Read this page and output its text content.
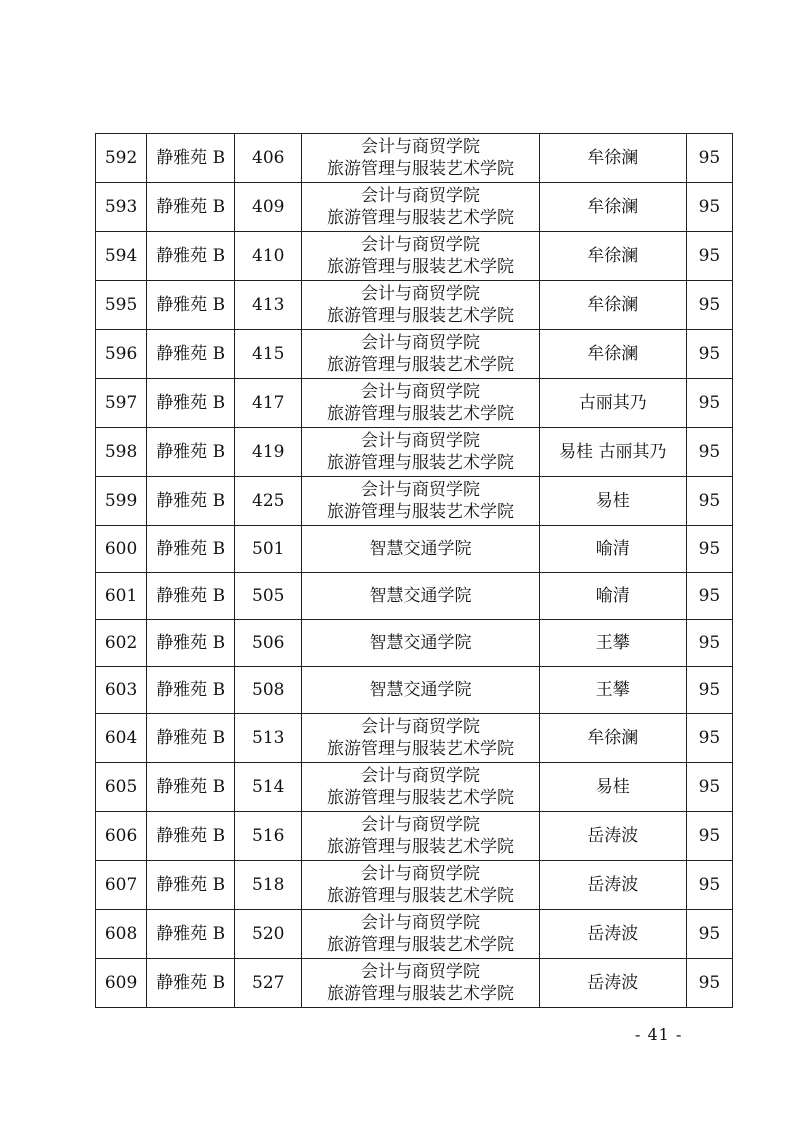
592	静雅苑 B	406	会计与商贸学院
旅游管理与服装艺术学院	牟徐澜	95
593	静雅苑 B	409	会计与商贸学院
旅游管理与服装艺术学院	牟徐澜	95
594	静雅苑 B	410	会计与商贸学院
旅游管理与服装艺术学院	牟徐澜	95
595	静雅苑 B	413	会计与商贸学院
旅游管理与服装艺术学院	牟徐澜	95
596	静雅苑 B	415	会计与商贸学院
旅游管理与服装艺术学院	牟徐澜	95
597	静雅苑 B	417	会计与商贸学院
旅游管理与服装艺术学院	古丽其乃	95
598	静雅苑 B	419	会计与商贸学院
旅游管理与服装艺术学院	易桂 古丽其乃	95
599	静雅苑 B	425	会计与商贸学院
旅游管理与服装艺术学院	易桂	95
600	静雅苑 B	501	智慧交通学院	喻清	95
601	静雅苑 B	505	智慧交通学院	喻清	95
602	静雅苑 B	506	智慧交通学院	王攀	95
603	静雅苑 B	508	智慧交通学院	王攀	95
604	静雅苑 B	513	会计与商贸学院
旅游管理与服装艺术学院	牟徐澜	95
605	静雅苑 B	514	会计与商贸学院
旅游管理与服装艺术学院	易桂	95
606	静雅苑 B	516	会计与商贸学院
旅游管理与服装艺术学院	岳涛波	95
607	静雅苑 B	518	会计与商贸学院
旅游管理与服装艺术学院	岳涛波	95
608	静雅苑 B	520	会计与商贸学院
旅游管理与服装艺术学院	岳涛波	95
609	静雅苑 B	527	会计与商贸学院
旅游管理与服装艺术学院	岳涛波	95
- 41 -
